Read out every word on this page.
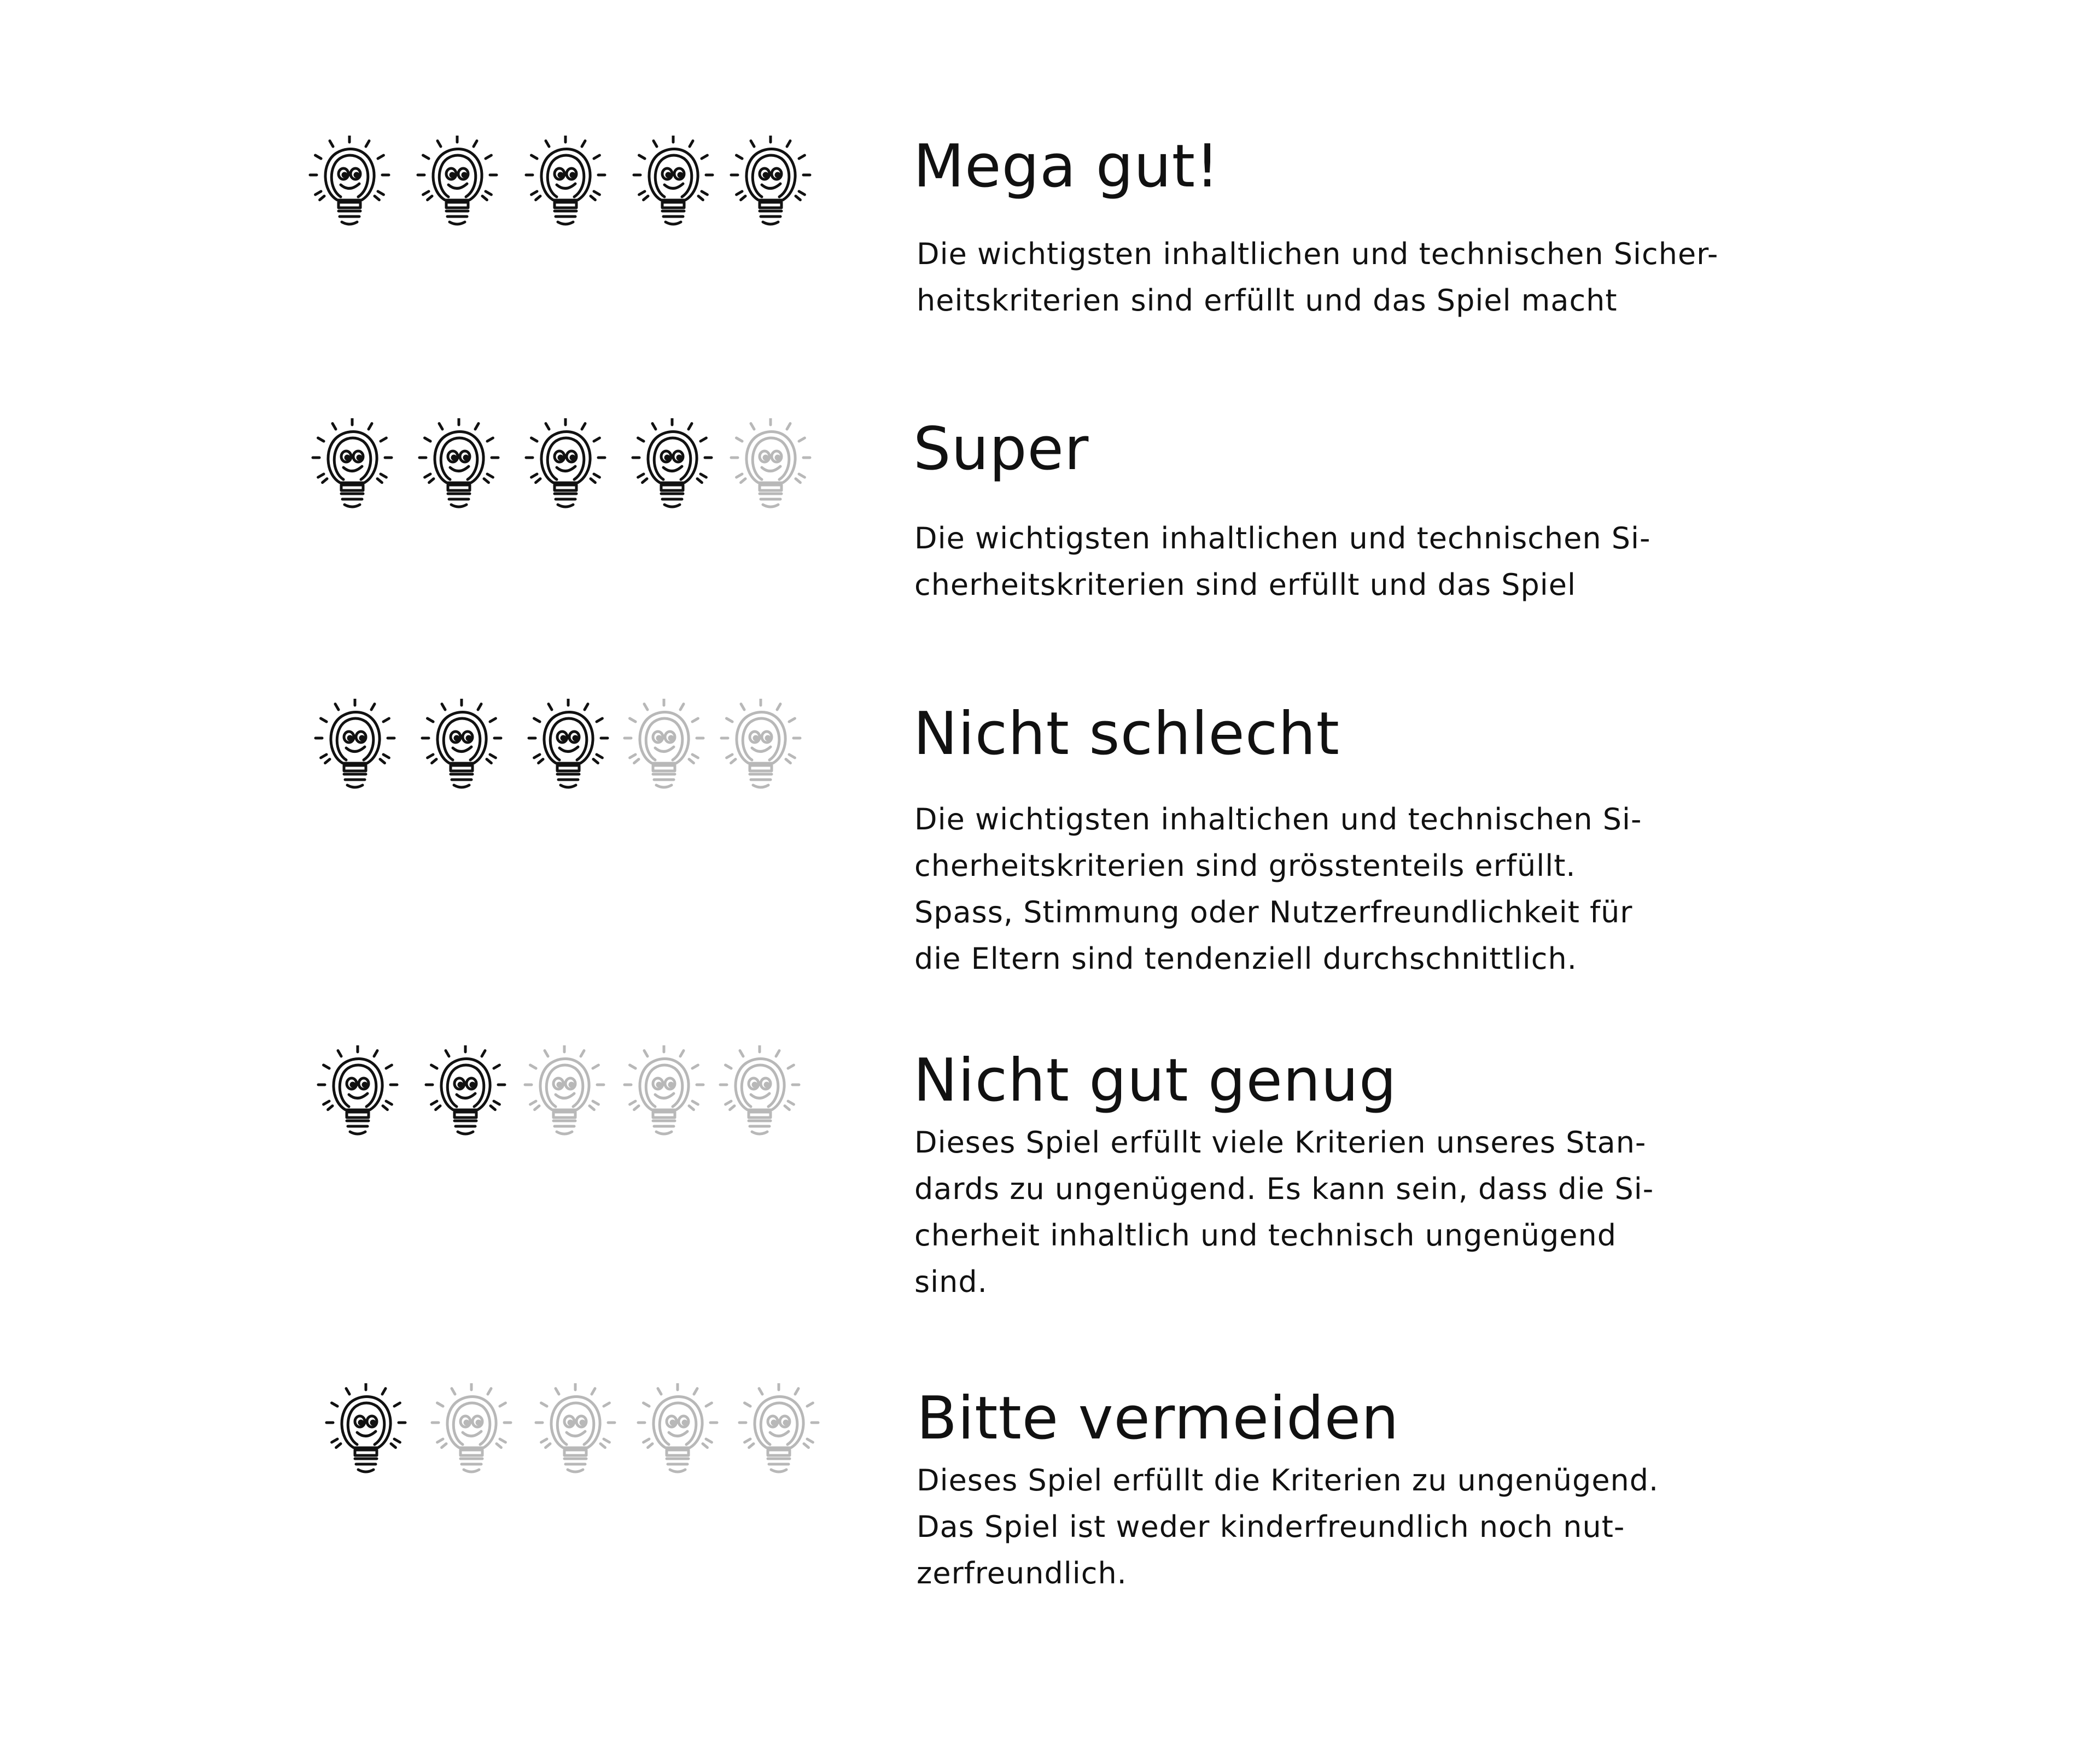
Mega gut!

Die wichtigsten inhaltlichen und technischen Sicher-
heitskriterien sind erfüllt und das Spiel macht

Super

Die wichtigsten inhaltlichen und technischen Si-
cherheitskriterien sind erfüllt und das Spiel

Nicht schlecht

Die wichtigsten inhaltichen und technischen Si-
cherheitskriterien sind grösstenteils erfüllt.
Spass, Stimmung oder Nutzerfreundlichkeit für
die Eltern sind tendenziell durchschnittlich.

Nicht gut genug

Dieses Spiel erfüllt viele Kriterien unseres Stan-
dards zu ungenügend. Es kann sein, dass die Si-
cherheit inhaltlich und technisch ungenügend
sind.

Bitte vermeiden

Dieses Spiel erfüllt die Kriterien zu ungenügend.
Das Spiel ist weder kinderfreundlich noch nut-
zerfreundlich.
